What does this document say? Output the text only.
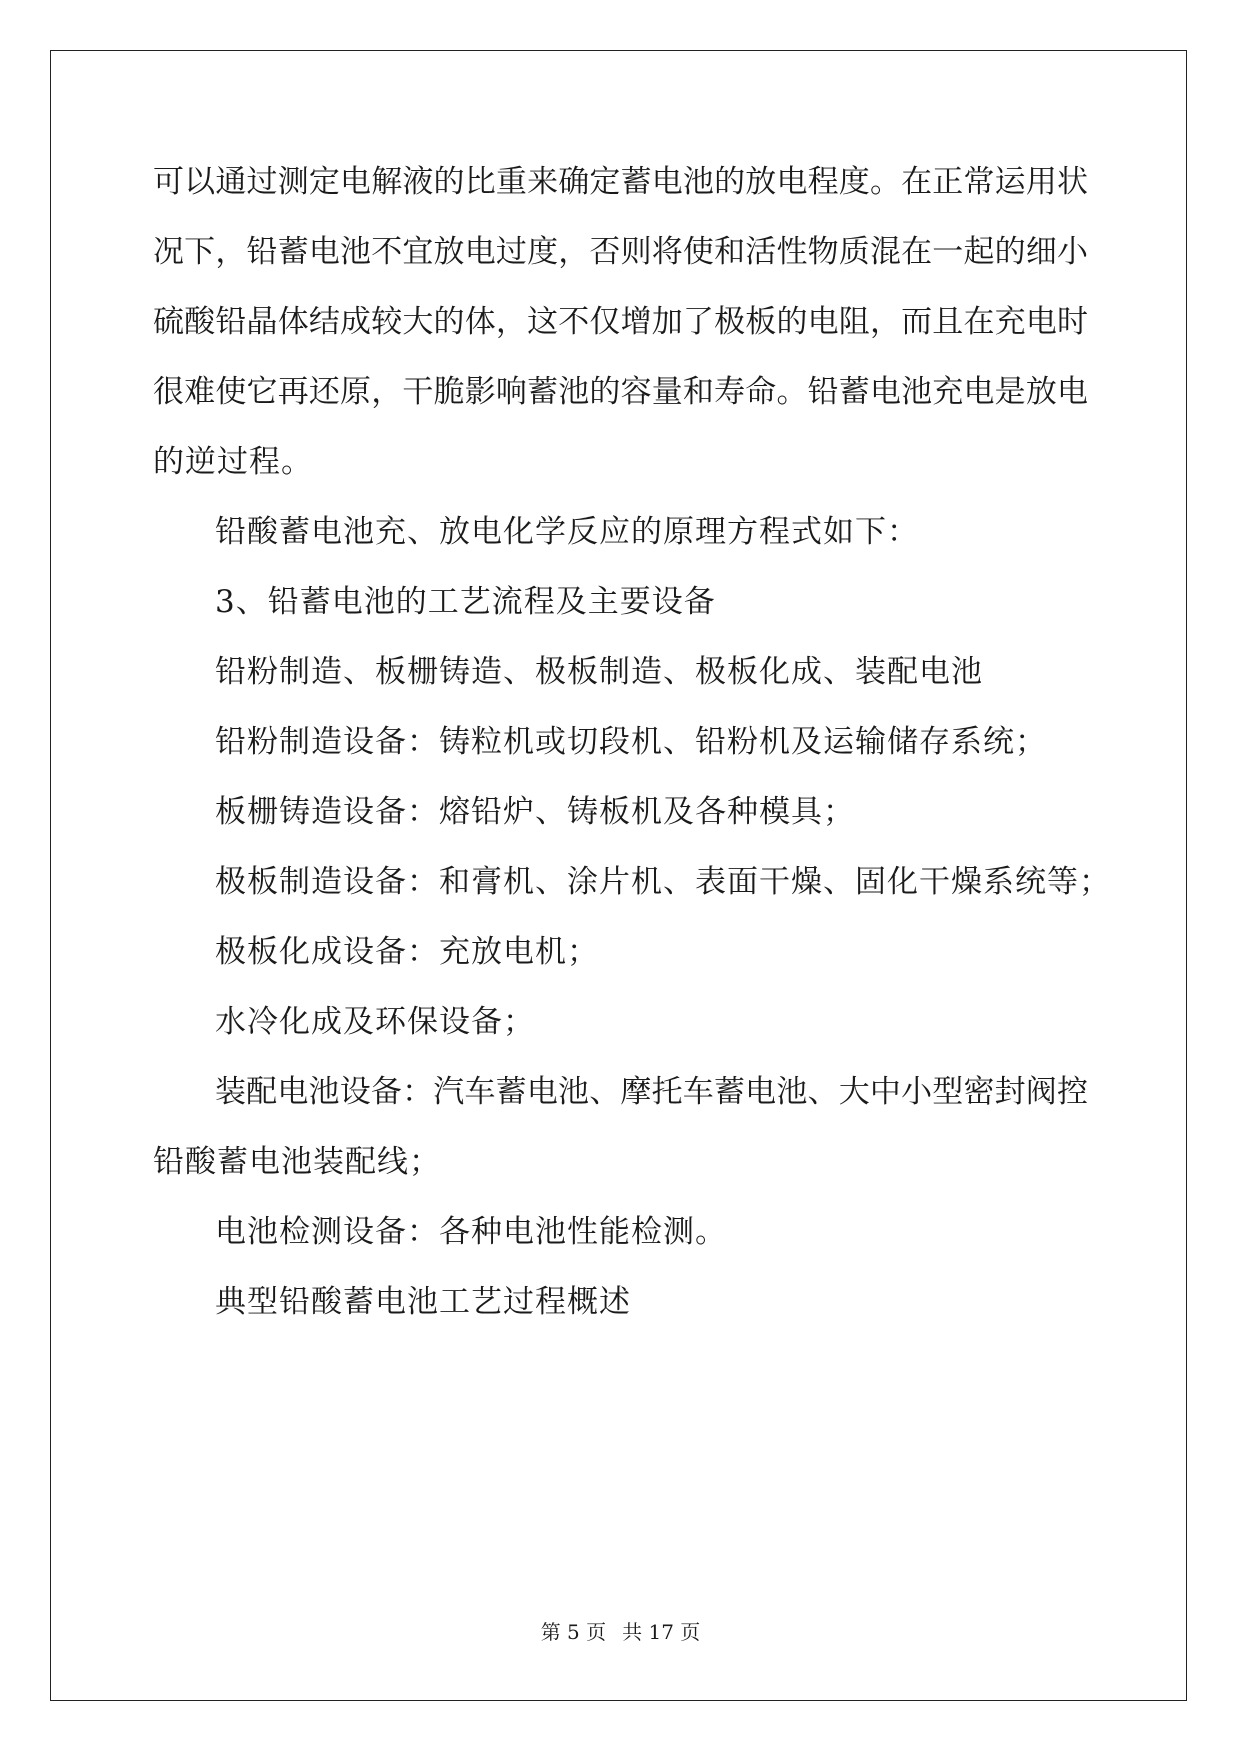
可以通过测定电解液的比重来确定蓄电池的放电程度。在正常运用状
况下，铅蓄电池不宜放电过度，否则将使和活性物质混在一起的细小
硫酸铅晶体结成较大的体，这不仅增加了极板的电阻，而且在充电时
很难使它再还原，干脆影响蓄池的容量和寿命。铅蓄电池充电是放电
的逆过程。
铅酸蓄电池充、放电化学反应的原理方程式如下：
3、铅蓄电池的工艺流程及主要设备
铅粉制造、板栅铸造、极板制造、极板化成、装配电池
铅粉制造设备：铸粒机或切段机、铅粉机及运输储存系统；
板栅铸造设备：熔铅炉、铸板机及各种模具；
极板制造设备：和膏机、涂片机、表面干燥、固化干燥系统等；
极板化成设备：充放电机；
水冷化成及环保设备；
装配电池设备：汽车蓄电池、摩托车蓄电池、大中小型密封阀控
铅酸蓄电池装配线；
电池检测设备：各种电池性能检测。
典型铅酸蓄电池工艺过程概述
第 5 页 共 17 页
